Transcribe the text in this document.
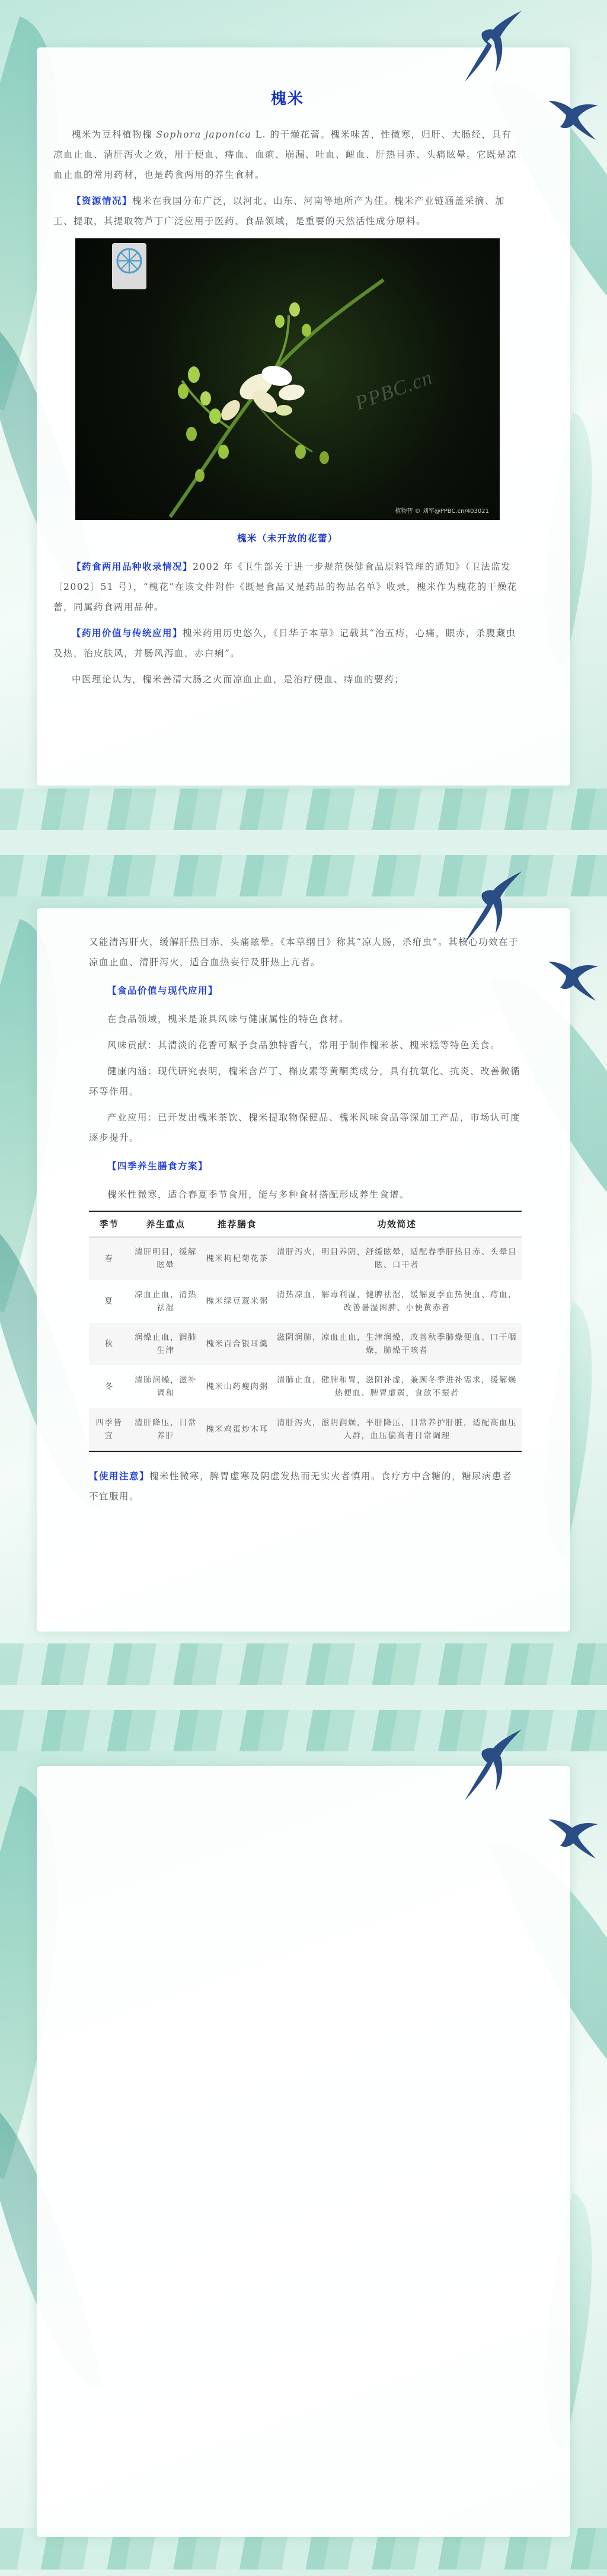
槐米

槐米为豆科植物槐 Sophora japonica L. 的干燥花蕾。槐米味苦，性微寒，归肝、大肠经，具有凉血止血、清肝泻火之效，用于便血、痔血、血痢、崩漏、吐血、衄血、肝热目赤、头痛眩晕。它既是凉血止血的常用药材，也是药食两用的养生食材。

【资源情况】槐米在我国分布广泛，以河北、山东、河南等地所产为佳。槐米产业链涵盖采摘、加工、提取，其提取物芦丁广泛应用于医药、食品领域，是重要的天然活性成分原料。

PPBC.cn
植物智 © 刘军@PPBC.cn/403021
槐米（未开放的花蕾）

【药食两用品种收录情况】2002 年《卫生部关于进一步规范保健食品原料管理的通知》（卫法监发〔2002〕51 号），“槐花”在该文件附件《既是食品又是药品的物品名单》收录，槐米作为槐花的干燥花蕾，同属药食两用品种。

【药用价值与传统应用】槐米药用历史悠久，《日华子本草》记载其“治五痔，心痛，眼赤，杀腹藏虫及热，治皮肤风，并肠风泻血，赤白痢”。

中医理论认为，槐米善清大肠之火而凉血止血，是治疗便血、痔血的要药；

又能清泻肝火，缓解肝热目赤、头痛眩晕。《本草纲目》称其“凉大肠，杀疳虫”。其核心功效在于凉血止血、清肝泻火，适合血热妄行及肝热上亢者。

【食品价值与现代应用】

在食品领域，槐米是兼具风味与健康属性的特色食材。

风味贡献：其清淡的花香可赋予食品独特香气，常用于制作槐米茶、槐米糕等特色美食。

健康内涵：现代研究表明，槐米含芦丁、槲皮素等黄酮类成分，具有抗氧化、抗炎、改善微循环等作用。

产业应用：已开发出槐米茶饮、槐米提取物保健品、槐米风味食品等深加工产品，市场认可度逐步提升。

【四季养生膳食方案】

槐米性微寒，适合春夏季节食用，能与多种食材搭配形成养生食谱。

季节	养生重点	推荐膳食	功效简述
春	清肝明目，缓解眩晕	槐米枸杞菊花茶	清肝泻火，明目养阴，舒缓眩晕，适配春季肝热目赤、头晕目眩、口干者
夏	凉血止血，清热祛湿	槐米绿豆薏米粥	清热凉血，解毒利湿，健脾祛湿，缓解夏季血热便血、痔血，改善暑湿困脾、小便黄赤者
秋	润燥止血，润肺生津	槐米百合银耳羹	滋阴润肺，凉血止血，生津润燥，改善秋季肺燥便血、口干咽燥，肺燥干咳者
冬	清肺润燥，滋补调和	槐米山药瘦肉粥	清肺止血，健脾和胃，滋阴补虚，兼顾冬季进补需求，缓解燥热便血、脾胃虚弱，食欲不振者
四季皆宜	清肝降压，日常养肝	槐米鸡蛋炒木耳	清肝泻火，滋阴润燥，平肝降压，日常养护肝脏，适配高血压人群，血压偏高者日常调理

【使用注意】槐米性微寒，脾胃虚寒及阴虚发热而无实火者慎用。食疗方中含糖的，糖尿病患者不宜服用。
